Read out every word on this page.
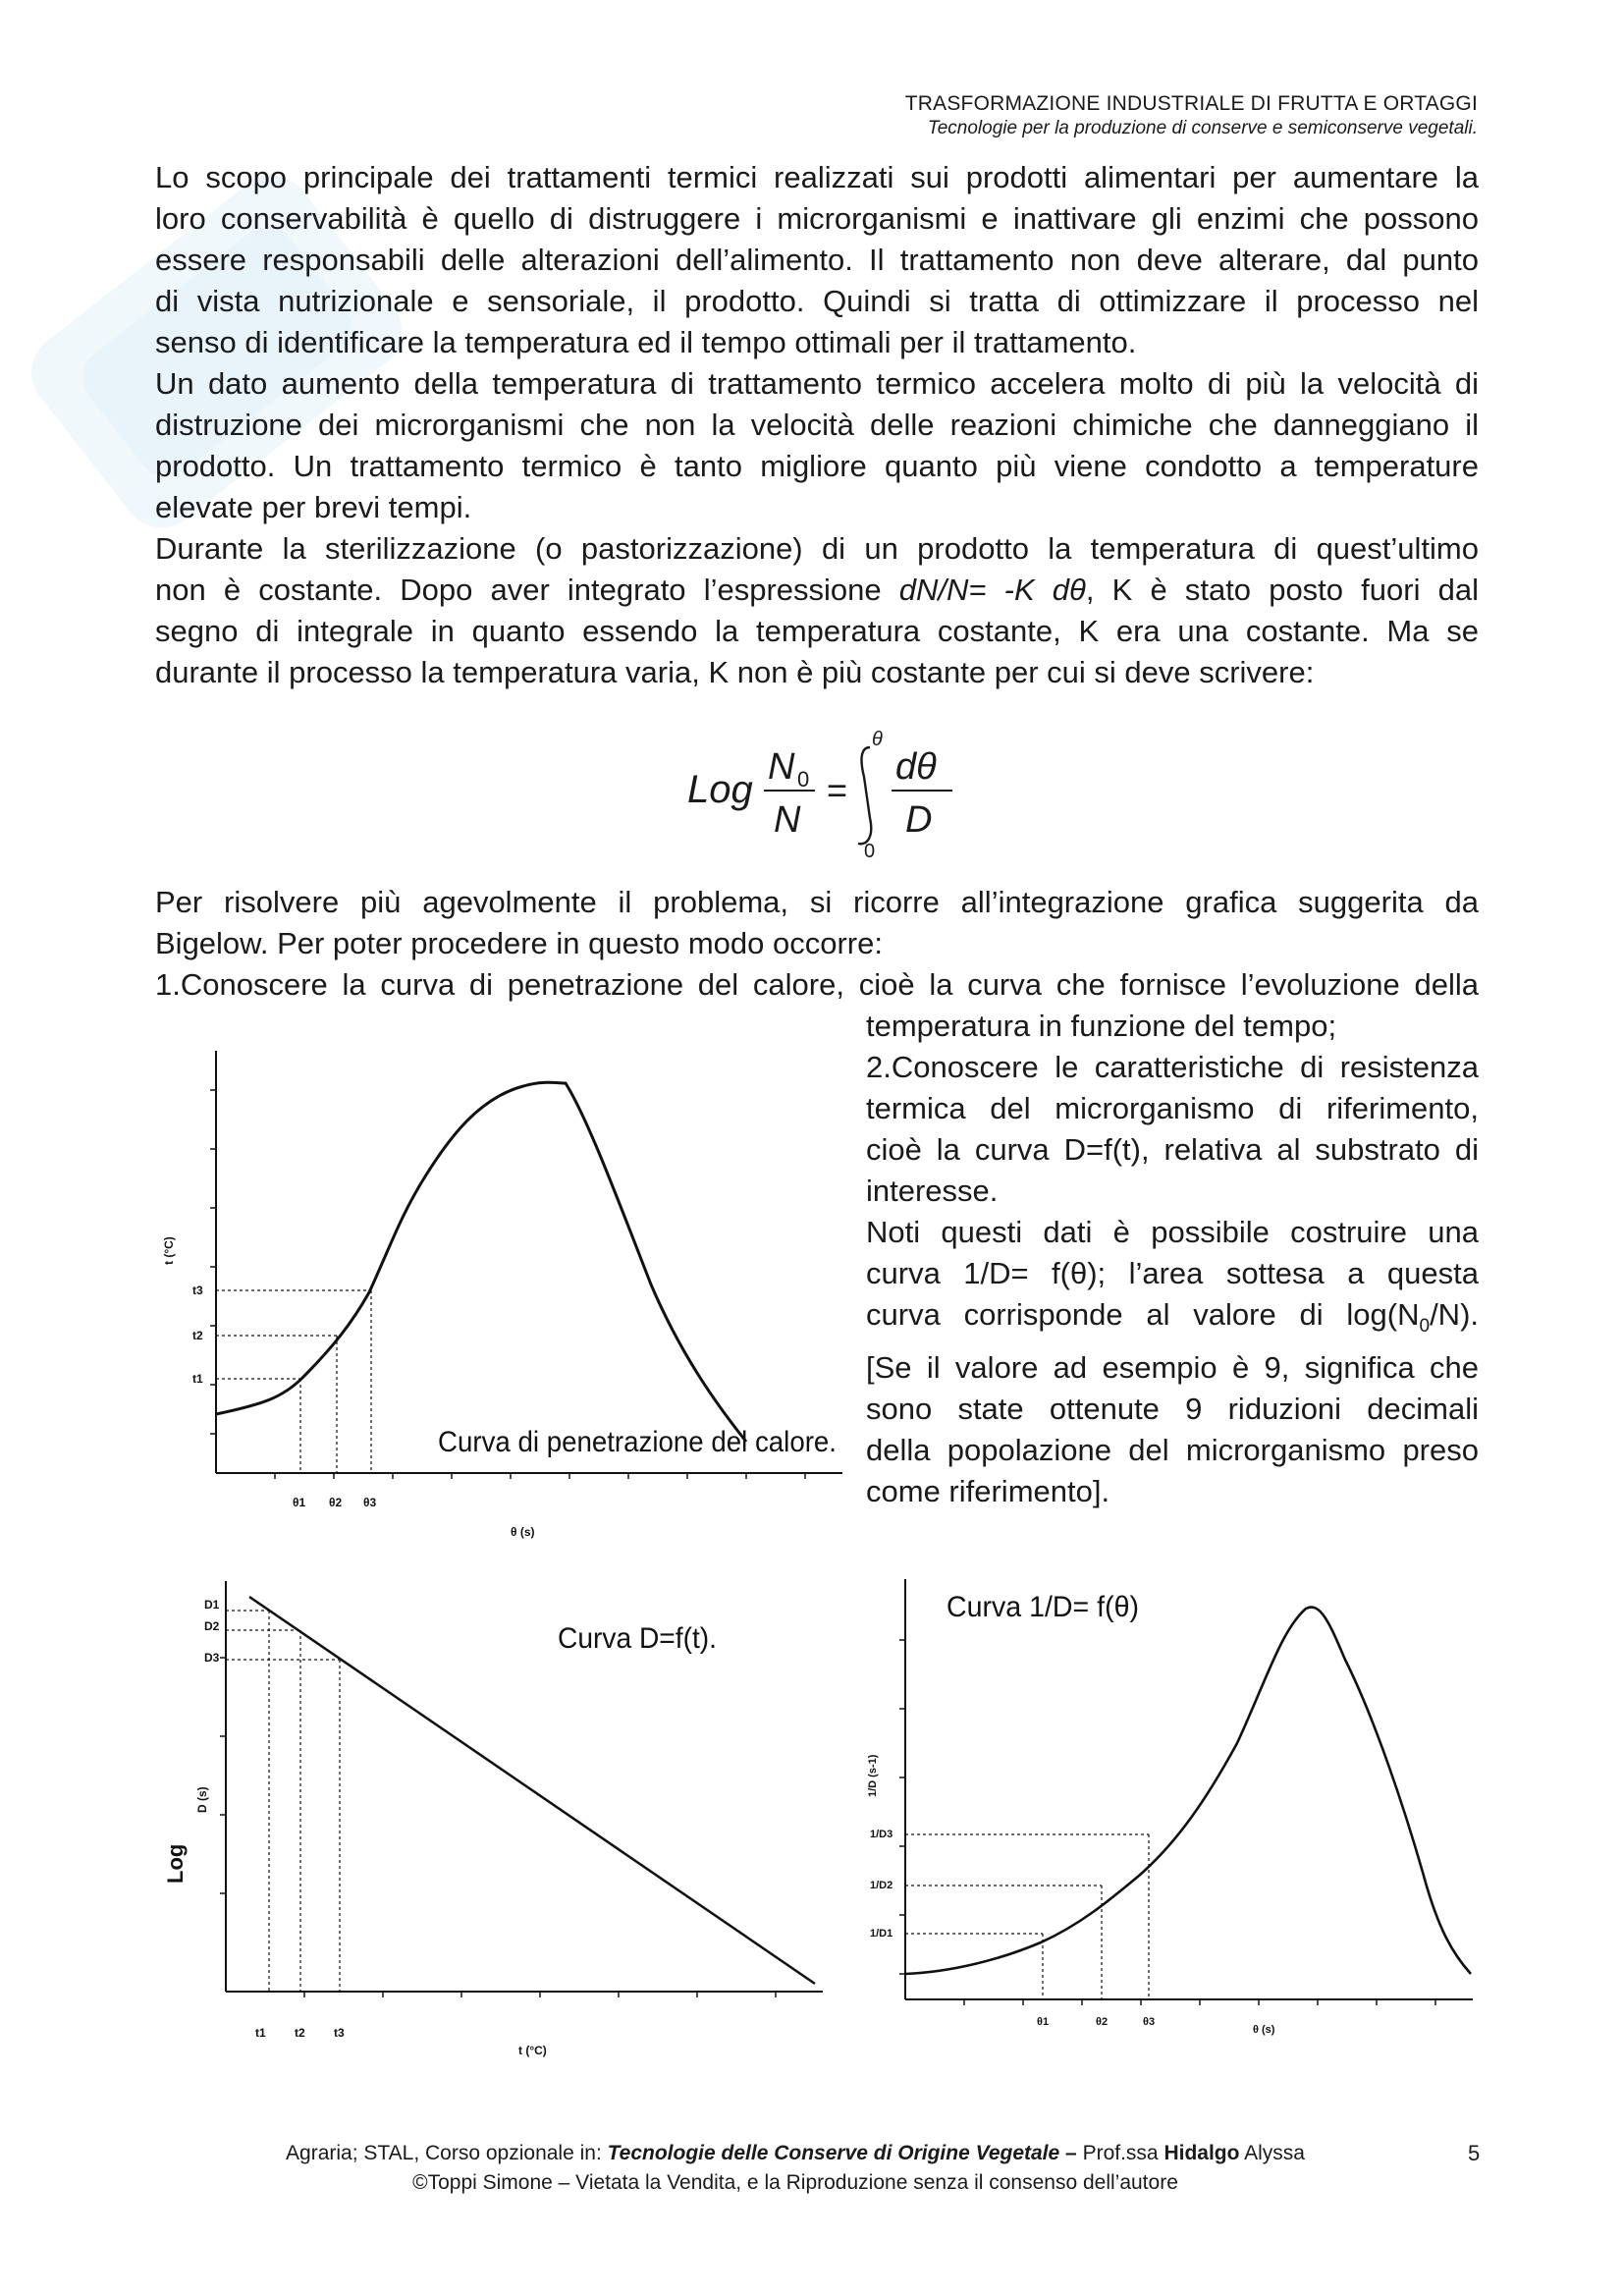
TRASFORMAZIONE INDUSTRIALE DI FRUTTA E ORTAGGI
Tecnologie per la produzione di conserve e semiconserve vegetali.
Lo scopo principale dei trattamenti termici realizzati sui prodotti alimentari per aumentare la
loro conservabilità è quello di distruggere i microrganismi e inattivare gli enzimi che possono
essere responsabili delle alterazioni dell’alimento. Il trattamento non deve alterare, dal punto
di vista nutrizionale e sensoriale, il prodotto. Quindi si tratta di ottimizzare il processo nel
senso di identificare la temperatura ed il tempo ottimali per il trattamento.
Un dato aumento della temperatura di trattamento termico accelera molto di più la velocità di
distruzione dei microrganismi che non la velocità delle reazioni chimiche che danneggiano il
prodotto. Un trattamento termico è tanto migliore quanto più viene condotto a temperature
elevate per brevi tempi.
Durante la sterilizzazione (o pastorizzazione) di un prodotto la temperatura di quest’ultimo
non è costante. Dopo aver integrato l’espressione dN/N= -K dθ, K è stato posto fuori dal
segno di integrale in quanto essendo la temperatura costante, K era una costante. Ma se
durante il processo la temperatura varia, K non è più costante per cui si deve scrivere:
Log
N 0
N
=
θ
0
dθ
D
Per risolvere più agevolmente il problema, si ricorre all’integrazione grafica suggerita da
Bigelow. Per poter procedere in questo modo occorre:
1.Conoscere la curva di penetrazione del calore, cioè la curva che fornisce l’evoluzione della
temperatura in funzione del tempo;
2.Conoscere le caratteristiche di resistenza
termica del microrganismo di riferimento,
cioè la curva D=f(t), relativa al substrato di
interesse.
Noti questi dati è possibile costruire una
curva 1/D= f(θ); l’area sottesa a questa
curva corrisponde al valore di $\log(N_0/N)$.
[Se il valore ad esempio è 9, significa che
sono state ottenute 9 riduzioni decimali
della popolazione del microrganismo preso
come riferimento].
t1
t2
t3
θ1 θ2 θ3
θ (s)
t (°C)
Curva di penetrazione del calore.
D1
D2
D3
t1 t2 t3
t (°C)
D (s)
Log
Curva D=f(t).
1/D1
1/D2
1/D3
θ1	θ2	θ3
θ (s)
1/D (s-1)
Curva 1/D= f(θ)
Agraria; STAL, Corso opzionale in: Tecnologie delle Conserve di Origine Vegetale – Prof.ssa Hidalgo Alyssa
©Toppi Simone – Vietata la Vendita, e la Riproduzione senza il consenso dell’autore
5
